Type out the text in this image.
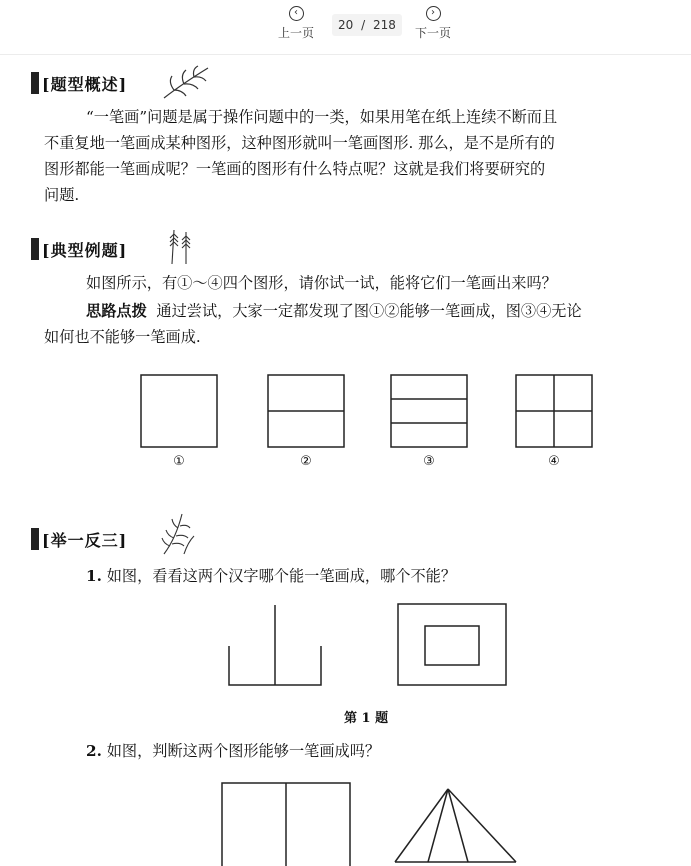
‹
上一页
20 / 218
›
下一页
[题型概述]

“一笔画”问题是属于操作问题中的一类，如果用笔在纸上连续不断而且

不重复地一笔画成某种图形，这种图形就叫一笔画图形. 那么，是不是所有的

图形都能一笔画成呢？一笔画的图形有什么特点呢？这就是我们将要研究的

问题.

[典型例题]

如图所示，有①～④四个图形，请你试一试，能将它们一笔画出来吗？

思路点拨 通过尝试，大家一定都发现了图①②能够一笔画成，图③④无论

如何也不能够一笔画成.

①	②	③	④
[举一反三]
1. 如图，看看这两个汉字哪个能一笔画成，哪个不能？
第 1 题
2. 如图，判断这两个图形能够一笔画成吗？
